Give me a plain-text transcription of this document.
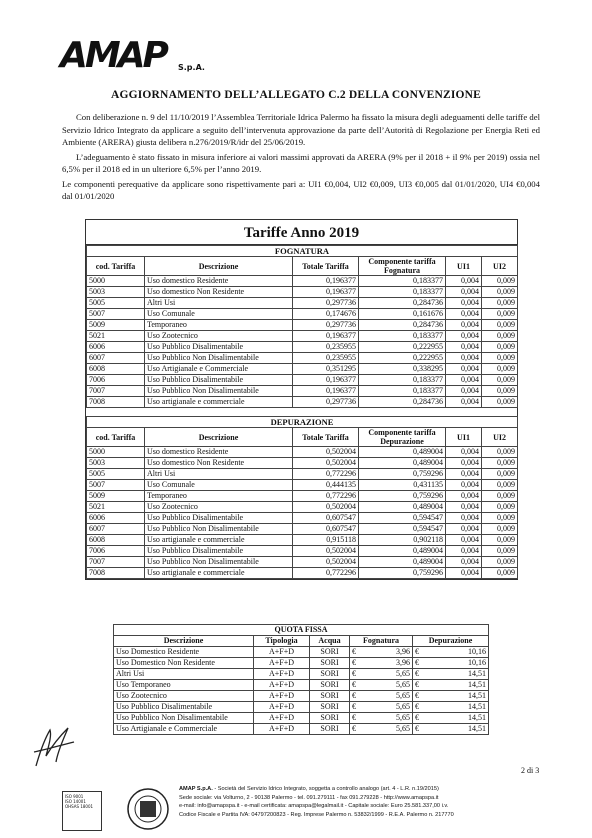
AMAP	S.p.A.
AGGIORNAMENTO DELL’ALLEGATO C.2 DELLA CONVENZIONE

Con deliberazione n. 9 del 11/10/2019 l’Assemblea Territoriale Idrica Palermo ha fissato la misura degli adeguamenti delle tariffe del Servizio Idrico Integrato da applicare a seguito dell’intervenuta approvazione da parte dell’Autorità di Regolazione per Energia Reti ed Ambiente (ARERA) giusta delibera n.276/2019/R/idr del 25/06/2019.

L’adeguamento è stato fissato in misura inferiore ai valori massimi approvati da ARERA (9% per il 2018 + il 9% per 2019) ossia nel 6,5% per il 2018 ed in un ulteriore 6,5% per l’anno 2019.

Le componenti perequative da applicare sono rispettivamente pari a: UI1 €0,004, UI2 €0,009, UI3 €0,005 dal 01/01/2020, UI4 €0,004 dal 01/01/2020

Tariffe Anno 2019
FOGNATURA					
cod. Tariffa	Descrizione	Totale Tariffa	Componente tariffa Fognatura	UI1	UI2
5000	Uso domestico Residente	0,196377	0,183377	0,004	0,009
5003	Uso domestico Non Residente	0,196377	0,183377	0,004	0,009
5005	Altri Usi	0,297736	0,284736	0,004	0,009
5007	Uso Comunale	0,174676	0,161676	0,004	0,009
5009	Temporaneo	0,297736	0,284736	0,004	0,009
5021	Uso Zootecnico	0,196377	0,183377	0,004	0,009
6006	Uso Pubblico Disalimentabile	0,235955	0,222955	0,004	0,009
6007	Uso Pubblico Non Disalimentabile	0,235955	0,222955	0,004	0,009
6008	Uso Artigianale e Commerciale	0,351295	0,338295	0,004	0,009
7006	Uso Pubblico Disalimentabile	0,196377	0,183377	0,004	0,009
7007	Uso Pubblico Non Disalimentabile	0,196377	0,183377	0,004	0,009
7008	Uso artigianale e commerciale	0,297736	0,284736	0,004	0,009
DEPURAZIONE					
cod. Tariffa	Descrizione	Totale Tariffa	Componente tariffa Depurazione	UI1	UI2
5000	Uso domestico Residente	0,502004	0,489004	0,004	0,009
5003	Uso domestico Non Residente	0,502004	0,489004	0,004	0,009
5005	Altri Usi	0,772296	0,759296	0,004	0,009
5007	Uso Comunale	0,444135	0,431135	0,004	0,009
5009	Temporaneo	0,772296	0,759296	0,004	0,009
5021	Uso Zootecnico	0,502004	0,489004	0,004	0,009
6006	Uso Pubblico Disalimentabile	0,607547	0,594547	0,004	0,009
6007	Uso Pubblico Non Disalimentabile	0,607547	0,594547	0,004	0,009
6008	Uso artigianale e commerciale	0,915118	0,902118	0,004	0,009
7006	Uso Pubblico Disalimentabile	0,502004	0,489004	0,004	0,009
7007	Uso Pubblico Non Disalimentabile	0,502004	0,489004	0,004	0,009
7008	Uso artigianale e commerciale	0,772296	0,759296	0,004	0,009
QUOTA FISSA				
Descrizione	Tipologia	Acqua	Fognatura	Depurazione
Uso Domestico Residente	A+F+D	SORI	€ 3,96	€ 10,16
Uso Domestico Non Residente	A+F+D	SORI	€ 3,96	€ 10,16
Altri Usi	A+F+D	SORI	€ 5,65	€ 14,51
Uso Temporaneo	A+F+D	SORI	€ 5,65	€ 14,51
Uso Zootecnico	A+F+D	SORI	€ 5,65	€ 14,51
Uso Pubblico Disalimentabile	A+F+D	SORI	€ 5,65	€ 14,51
Uso Pubblico Non Disalimentabile	A+F+D	SORI	€ 5,65	€ 14,51
Uso Artigianale e Commerciale	A+F+D	SORI	€ 5,65	€ 14,51
2 di 3
ISO 9001
ISO 14001
OHSAS 18001
AMAP S.p.A. - Società del Servizio Idrico Integrato, soggetta a controllo analogo (art. 4 - L.R. n.19/2015)
Sede sociale: via Volturno, 2 - 90138 Palermo - tel. 091.279111 - fax 091.279228 - http://www.amapspa.it
e-mail: info@amapspa.it - e-mail certificata: amapspa@legalmail.it - Capitale sociale: Euro 25.581.337,00 i.v.
Codice Fiscale e Partita IVA: 04797200823 - Reg. Imprese Palermo n. 53832/1999 - R.E.A. Palermo n. 217770
